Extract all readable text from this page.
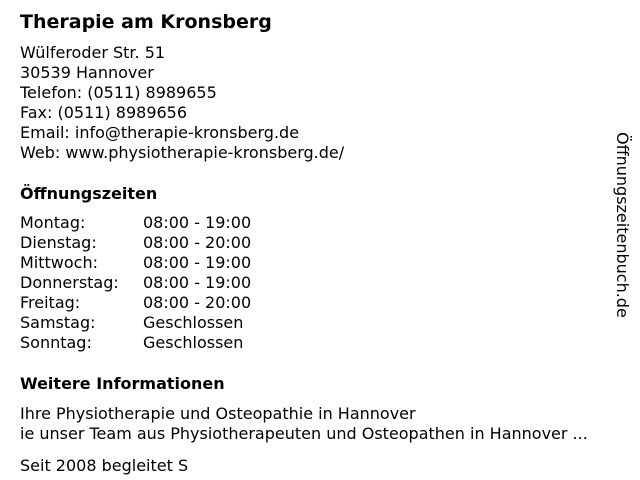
Therapie am Kronsberg
Wülferoder Str. 51
30539 Hannover
Telefon: (0511) 8989655
Fax: (0511) 8989656
Email: info@therapie-kronsberg.de
Web: www.physiotherapie-kronsberg.de/
Öffnungszeiten
Montag:	08:00 - 19:00
Dienstag:	08:00 - 20:00
Mittwoch:	08:00 - 19:00
Donnerstag: 08:00 - 19:00
Freitag:	08:00 - 20:00
Samstag:	Geschlossen
Sonntag:	Geschlossen
Weitere Informationen
Ihre Physiotherapie und Osteopathie in Hannover
ie unser Team aus Physiotherapeuten und Osteopathen in Hannover ...
Seit 2008 begleitet S
Öffnungszeitenbuch.de
